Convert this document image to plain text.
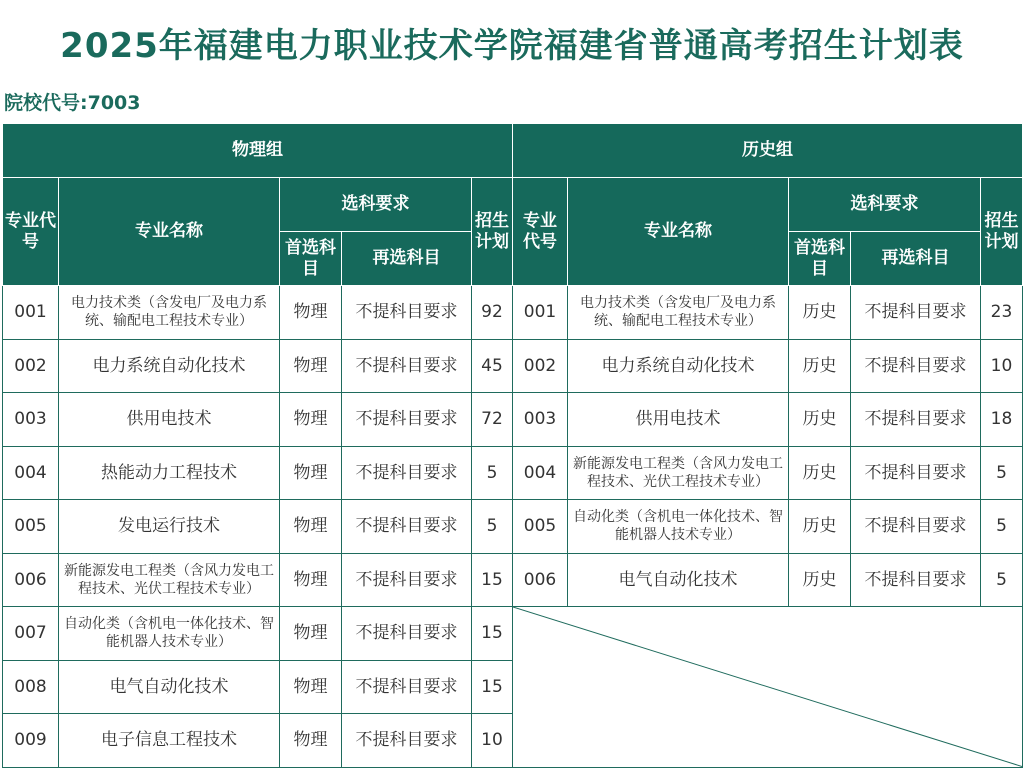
2025年福建电力职业技术学院福建省普通高考招生计划表
院校代号:7003
物理组				
专业代号	专业名称	选科要求		招生计划
		首选科目	再选科目	
001	电力技术类（含发电厂及电力系统、输配电工程技术专业）	物理	不提科目要求	92
002	电力系统自动化技术	物理	不提科目要求	45
003	供用电技术	物理	不提科目要求	72
004	热能动力工程技术	物理	不提科目要求	5
005	发电运行技术	物理	不提科目要求	5
006	新能源发电工程类（含风力发电工程技术、光伏工程技术专业）	物理	不提科目要求	15
007	自动化类（含机电一体化技术、智能机器人技术专业）	物理	不提科目要求	15
008	电气自动化技术	物理	不提科目要求	15
009	电子信息工程技术	物理	不提科目要求	10
历史组				
专业代号	专业名称	选科要求		招生计划
		首选科目	再选科目	
001	电力技术类（含发电厂及电力系统、输配电工程技术专业）	历史	不提科目要求	23
002	电力系统自动化技术	历史	不提科目要求	10
003	供用电技术	历史	不提科目要求	18
004	新能源发电工程类（含风力发电工程技术、光伏工程技术专业）	历史	不提科目要求	5
005	自动化类（含机电一体化技术、智能机器人技术专业）	历史	不提科目要求	5
006	电气自动化技术	历史	不提科目要求	5
